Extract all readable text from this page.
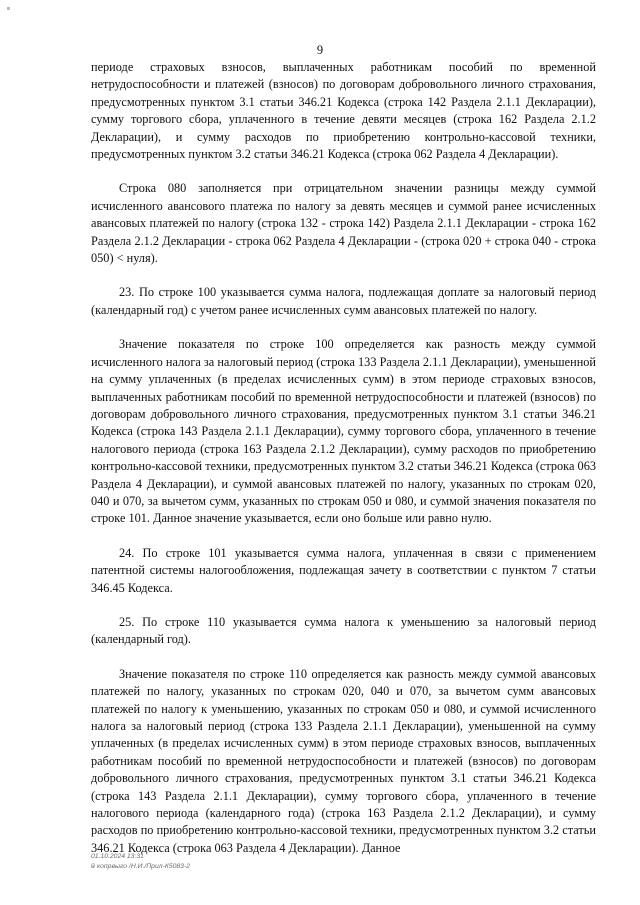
9

периоде страховых взносов, выплаченных работникам пособий по временной нетрудоспособности и платежей (взносов) по договорам добровольного личного страхования, предусмотренных пунктом 3.1 статьи 346.21 Кодекса (строка 142 Раздела 2.1.1 Декларации), сумму торгового сбора, уплаченного в течение девяти месяцев (строка 162 Раздела 2.1.2 Декларации), и сумму расходов по приобретению контрольно-кассовой техники, предусмотренных пунктом 3.2 статьи 346.21 Кодекса (строка 062 Раздела 4 Декларации).

Строка 080 заполняется при отрицательном значении разницы между суммой исчисленного авансового платежа по налогу за девять месяцев и суммой ранее исчисленных авансовых платежей по налогу (строка 132 - строка 142) Раздела 2.1.1 Декларации - строка 162 Раздела 2.1.2 Декларации - строка 062 Раздела 4 Декларации - (строка 020 + строка 040 - строка 050) < нуля).

23. По строке 100 указывается сумма налога, подлежащая доплате за налоговый период (календарный год) с учетом ранее исчисленных сумм авансовых платежей по налогу.

Значение показателя по строке 100 определяется как разность между суммой исчисленного налога за налоговый период (строка 133 Раздела 2.1.1 Декларации), уменьшенной на сумму уплаченных (в пределах исчисленных сумм) в этом периоде страховых взносов, выплаченных работникам пособий по временной нетрудоспособности и платежей (взносов) по договорам добровольного личного страхования, предусмотренных пунктом 3.1 статьи 346.21 Кодекса (строка 143 Раздела 2.1.1 Декларации), сумму торгового сбора, уплаченного в течение налогового периода (строка 163 Раздела 2.1.2 Декларации), сумму расходов по приобретению контрольно-кассовой техники, предусмотренных пунктом 3.2 статьи 346.21 Кодекса (строка 063 Раздела 4 Декларации), и суммой авансовых платежей по налогу, указанных по строкам 020, 040 и 070, за вычетом сумм, указанных по строкам 050 и 080, и суммой значения показателя по строке 101. Данное значение указывается, если оно больше или равно нулю.

24. По строке 101 указывается сумма налога, уплаченная в связи с применением патентной системы налогообложения, подлежащая зачету в соответствии с пунктом 7 статьи 346.45 Кодекса.

25. По строке 110 указывается сумма налога к уменьшению за налоговый период (календарный год).

Значение показателя по строке 110 определяется как разность между суммой авансовых платежей по налогу, указанных по строкам 020, 040 и 070, за вычетом сумм авансовых платежей по налогу к уменьшению, указанных по строкам 050 и 080, и суммой исчисленного налога за налоговый период (строка 133 Раздела 2.1.1 Декларации), уменьшенной на сумму уплаченных (в пределах исчисленных сумм) в этом периоде страховых взносов, выплаченных работникам пособий по временной нетрудоспособности и платежей (взносов) по договорам добровольного личного страхования, предусмотренных пунктом 3.1 статьи 346.21 Кодекса (строка 143 Раздела 2.1.1 Декларации), сумму торгового сбора, уплаченного в течение налогового периода (календарного года) (строка 163 Раздела 2.1.2 Декларации), и сумму расходов по приобретению контрольно-кассовой техники, предусмотренных пунктом 3.2 статьи 346.21 Кодекса (строка 063 Раздела 4 Декларации). Данное

01.10.2024 13:31
ѿ копрвыго /Н.И./Прил-К5083-2
